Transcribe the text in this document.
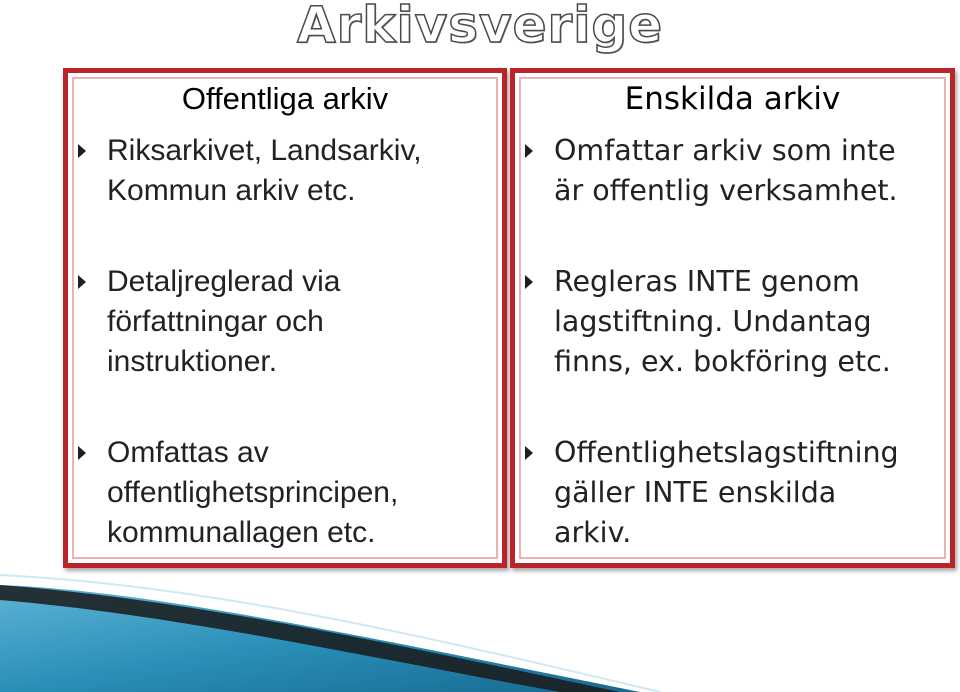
Arkivsverige
Offentliga arkiv
Riksarkivet, Landsarkiv,
Kommun arkiv etc.
Detaljreglerad via
författningar och
instruktioner.
Omfattas av
offentlighetsprincipen,
kommunallagen etc.
Enskilda arkiv
Omfattar arkiv som inte
är offentlig verksamhet.
Regleras INTE genom
lagstiftning. Undantag
finns, ex. bokföring etc.
Offentlighetslagstiftning
gäller INTE enskilda
arkiv.
